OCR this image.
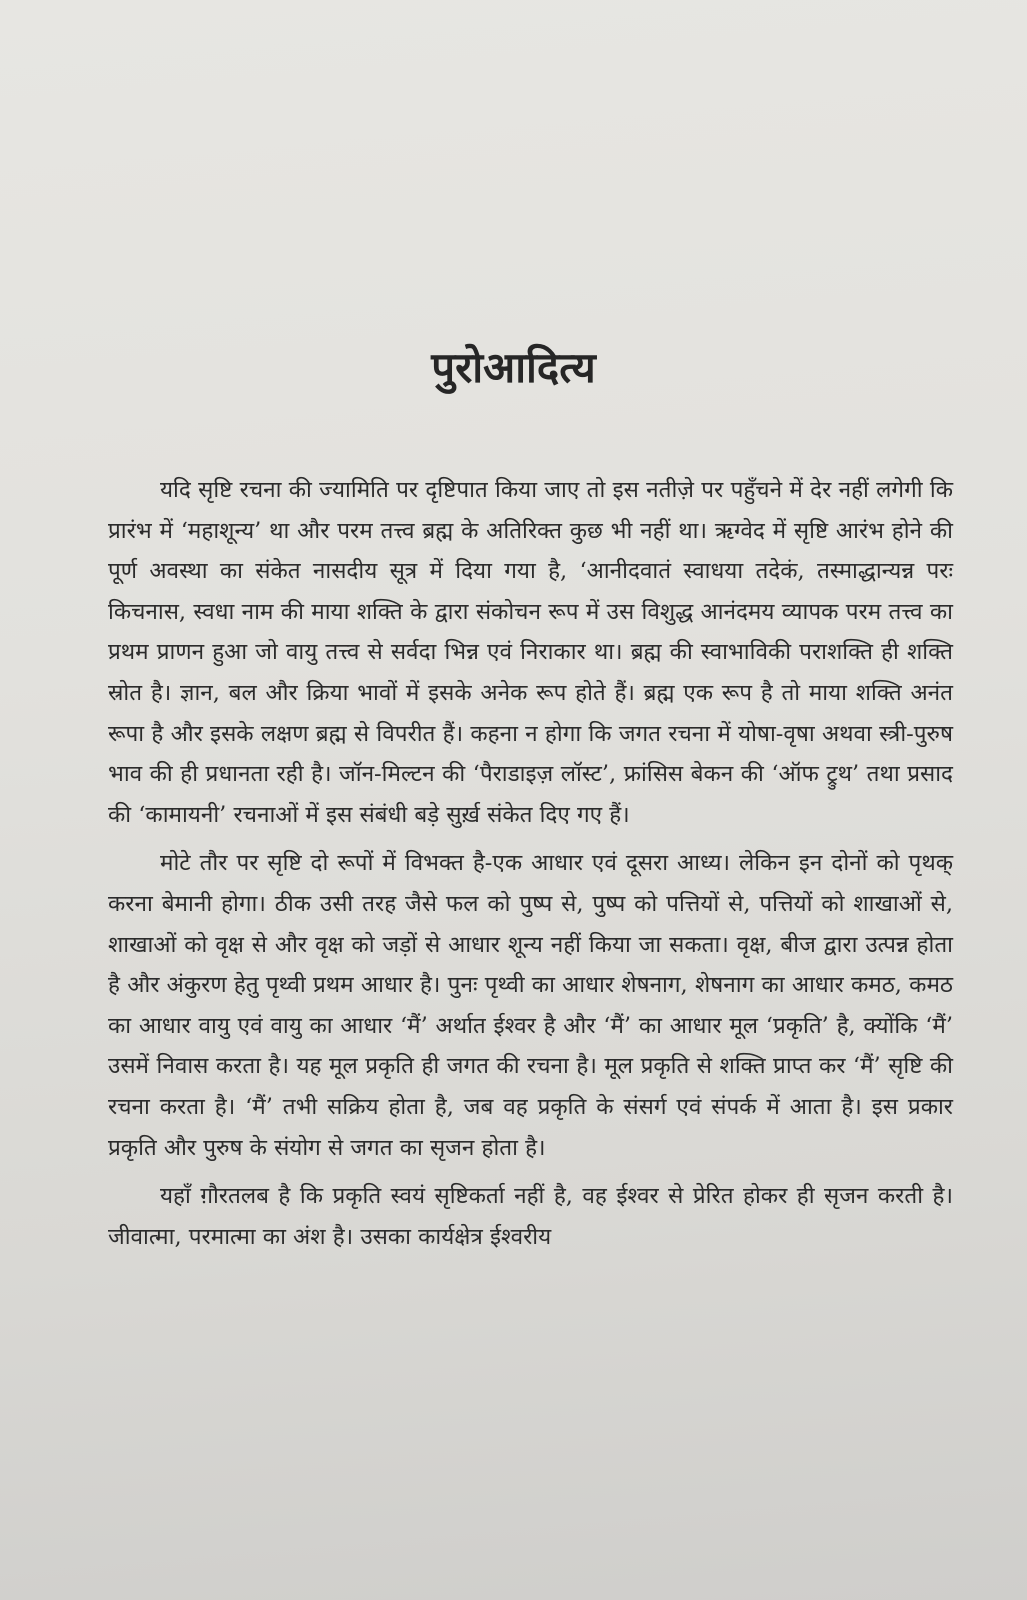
पुरोआदित्य

यदि सृष्टि रचना की ज्यामिति पर दृष्टिपात किया जाए तो इस नतीज़े पर पहुँचने में देर नहीं लगेगी कि प्रारंभ में ‘महाशून्य’ था और परम तत्त्व ब्रह्म के अतिरिक्त कुछ भी नहीं था। ऋग्वेद में सृष्टि आरंभ होने की पूर्ण अवस्था का संकेत नासदीय सूत्र में दिया गया है, ‘आनीदवातं स्वाधया तदेकं, तस्माद्धान्यन्न परः किचनास, स्वधा नाम की माया शक्ति के द्वारा संकोचन रूप में उस विशुद्ध आनंदमय व्यापक परम तत्त्व का प्रथम प्राणन हुआ जो वायु तत्त्व से सर्वदा भिन्न एवं निराकार था। ब्रह्म की स्वाभाविकी पराशक्ति ही शक्ति स्रोत है। ज्ञान, बल और क्रिया भावों में इसके अनेक रूप होते हैं। ब्रह्म एक रूप है तो माया शक्ति अनंत रूपा है और इसके लक्षण ब्रह्म से विपरीत हैं। कहना न होगा कि जगत रचना में योषा-वृषा अथवा स्त्री-पुरुष भाव की ही प्रधानता रही है। जॉन-मिल्टन की ‘पैराडाइज़ लॉस्ट’, फ्रांसिस बेकन की ‘ऑफ ट्रुथ’ तथा प्रसाद की ‘कामायनी’ रचनाओं में इस संबंधी बड़े सुर्ख़ संकेत दिए गए हैं।

मोटे तौर पर सृष्टि दो रूपों में विभक्त है-एक आधार एवं दूसरा आध्य। लेकिन इन दोनों को पृथक् करना बेमानी होगा। ठीक उसी तरह जैसे फल को पुष्प से, पुष्प को पत्तियों से, पत्तियों को शाखाओं से, शाखाओं को वृक्ष से और वृक्ष को जड़ों से आधार शून्य नहीं किया जा सकता। वृक्ष, बीज द्वारा उत्पन्न होता है और अंकुरण हेतु पृथ्वी प्रथम आधार है। पुनः पृथ्वी का आधार शेषनाग, शेषनाग का आधार कमठ, कमठ का आधार वायु एवं वायु का आधार ‘मैं’ अर्थात ईश्वर है और ‘मैं’ का आधार मूल ‘प्रकृति’ है, क्योंकि ‘मैं’ उसमें निवास करता है। यह मूल प्रकृति ही जगत की रचना है। मूल प्रकृति से शक्ति प्राप्त कर ‘मैं’ सृष्टि की रचना करता है। ‘मैं’ तभी सक्रिय होता है, जब वह प्रकृति के संसर्ग एवं संपर्क में आता है। इस प्रकार प्रकृति और पुरुष के संयोग से जगत का सृजन होता है।

यहाँ ग़ौरतलब है कि प्रकृति स्वयं सृष्टिकर्ता नहीं है, वह ईश्वर से प्रेरित होकर ही सृजन करती है। जीवात्मा, परमात्मा का अंश है। उसका कार्यक्षेत्र ईश्वरीय
